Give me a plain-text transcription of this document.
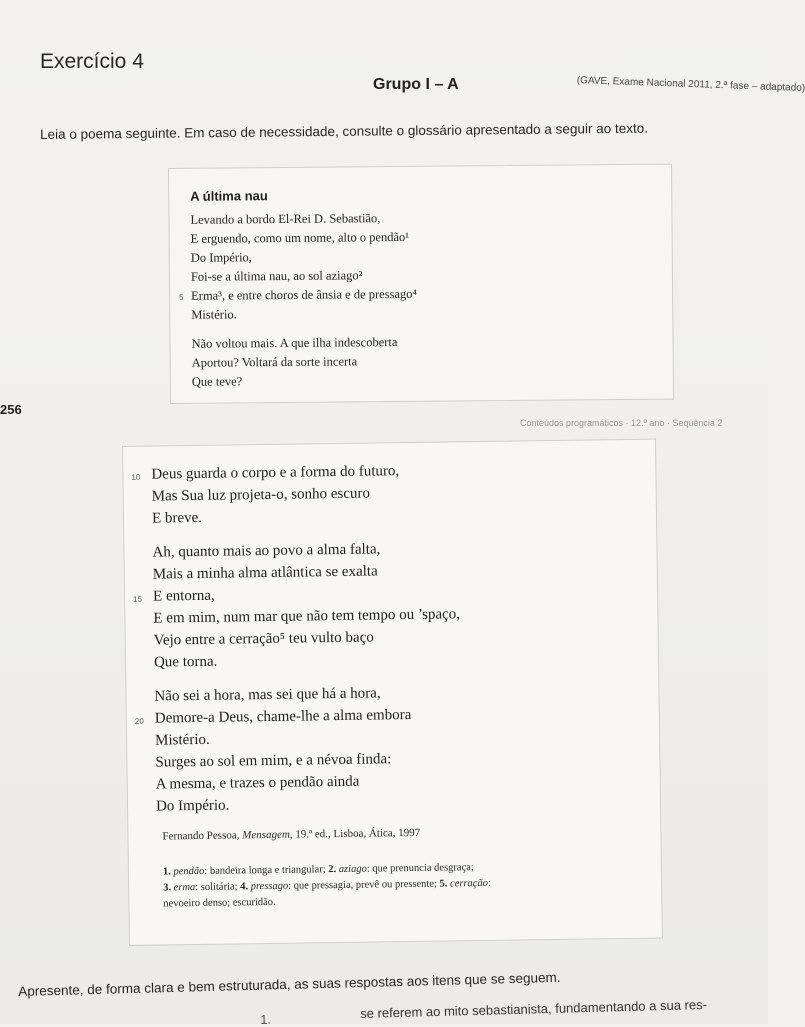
Exercício 4
Grupo I – A	(GAVE, Exame Nacional 2011, 2.ª fase – adaptado)
Leia o poema seguinte. Em caso de necessidade, consulte o glossário apresentado a seguir ao texto.
A última nau
Levando a bordo El-Rei D. Sebastião,
E erguendo, como um nome, alto o pendão¹
Do Império,
Foi-se a última nau, ao sol aziago²
5 Erma³, e entre choros de ânsia e de pressago⁴
Mistério.
Não voltou mais. A que ilha indescoberta
Aportou? Voltará da sorte incerta
Que teve?
256
Conteúdos programáticos · 12.º ano · Sequência 2
10 Deus guarda o corpo e a forma do futuro,
Mas Sua luz projeta-o, sonho escuro
E breve.
Ah, quanto mais ao povo a alma falta,
Mais a minha alma atlântica se exalta
15 E entorna,
E em mim, num mar que não tem tempo ou ’spaço,
Vejo entre a cerração⁵ teu vulto baço
Que torna.
Não sei a hora, mas sei que há a hora,
20 Demore-a Deus, chame-lhe a alma embora
Mistério.
Surges ao sol em mim, e a névoa finda:
A mesma, e trazes o pendão ainda
Do Império.
Fernando Pessoa, Mensagem, 19.ª ed., Lisboa, Ática, 1997
1. pendão: bandeira longa e triangular; 2. aziago: que prenuncia desgraça;
3. erma: solitária; 4. pressago: que pressagia, prevê ou pressente; 5. cerração:
nevoeiro denso; escuridão.
Apresente, de forma clara e bem estruturada, as suas respostas aos itens que se seguem.
1.	se referem ao mito sebastianista, fundamentando a sua res-
